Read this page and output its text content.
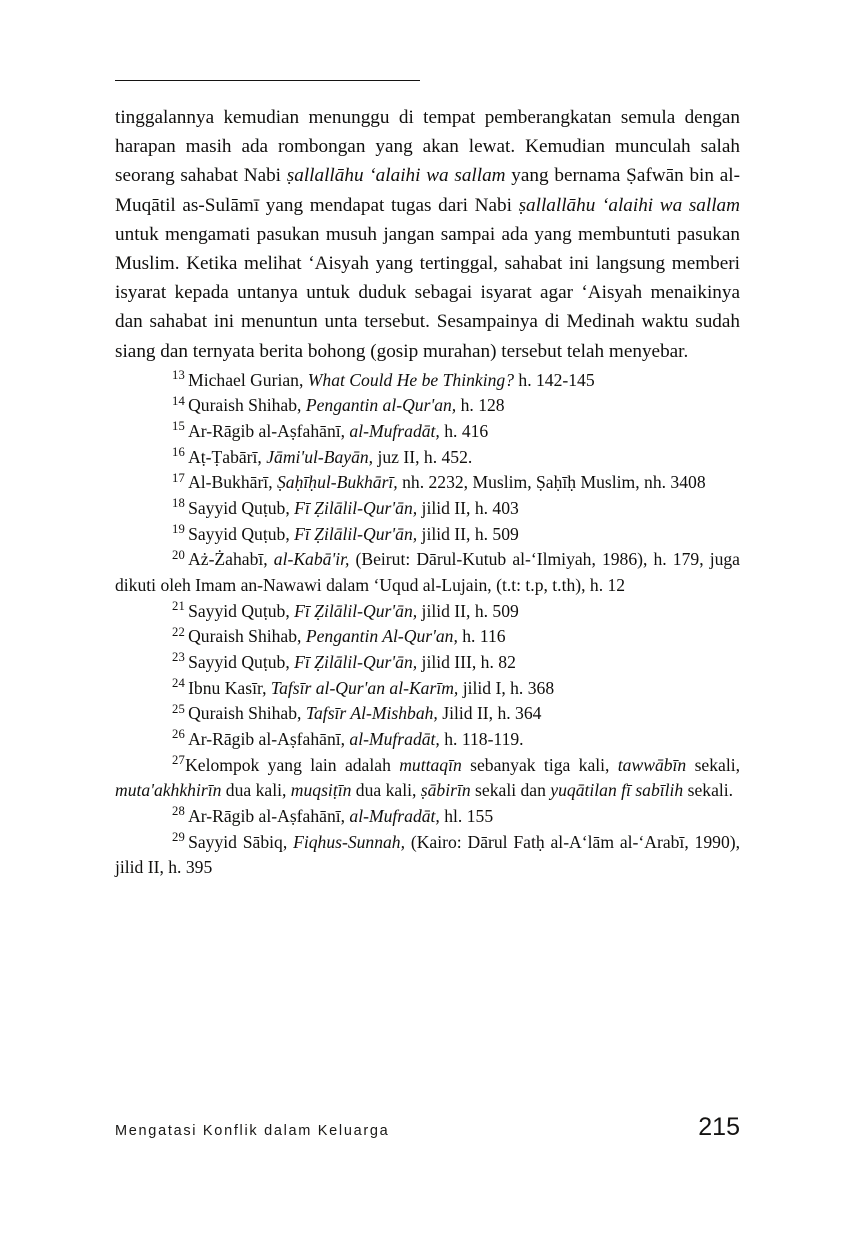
tinggalannya kemudian menunggu di tempat pemberangkatan semula dengan harapan masih ada rombongan yang akan lewat. Kemudian munculah salah seorang sahabat Nabi ṣallallāhu ‘alaihi wa sallam yang bernama Ṣafwān bin al-Muqātil as-Sulāmī yang mendapat tugas dari Nabi ṣallallāhu ‘alaihi wa sallam untuk mengamati pasukan musuh jangan sampai ada yang membuntuti pasukan Muslim. Ketika melihat ‘Aisyah yang tertinggal, sahabat ini langsung memberi isyarat kepada untanya untuk duduk sebagai isyarat agar ‘Aisyah menaikinya dan sahabat ini menuntun unta tersebut. Sesampainya di Medinah waktu sudah siang dan ternyata berita bohong (gosip murahan) tersebut telah menyebar.

$^{13}$ Michael Gurian, What Could He be Thinking? h. 142-145

$^{14}$ Quraish Shihab, Pengantin al-Qur'an, h. 128

$^{15}$ Ar-Rāgib al-Aṣfahānī, al-Mufradāt, h. 416

$^{16}$ Aṭ-Ṭabārī, Jāmi'ul-Bayān, juz II, h. 452.

$^{17}$ Al-Bukhārī, Ṣaḥīḥul-Bukhārī, nh. 2232, Muslim, Ṣaḥīḥ Muslim, nh. 3408

$^{18}$ Sayyid Quṭub, Fī Ẓilālil-Qur'ān, jilid II, h. 403

$^{19}$ Sayyid Quṭub, Fī Ẓilālil-Qur'ān, jilid II, h. 509

$^{20}$ Aż-Żahabī, al-Kabā'ir, (Beirut: Dārul-Kutub al-‘Ilmiyah, 1986), h. 179, juga dikuti oleh Imam an-Nawawi dalam ‘Uqud al-Lujain, (t.t: t.p, t.th), h. 12

$^{21}$ Sayyid Quṭub, Fī Ẓilālil-Qur'ān, jilid II, h. 509

$^{22}$ Quraish Shihab, Pengantin Al-Qur'an, h. 116

$^{23}$ Sayyid Quṭub, Fī Ẓilālil-Qur'ān, jilid III, h. 82

$^{24}$ Ibnu Kasīr, Tafsīr al-Qur'an al-Karīm, jilid I, h. 368

$^{25}$ Quraish Shihab, Tafsīr Al-Mishbah, Jilid II, h. 364

$^{26}$ Ar-Rāgib al-Aṣfahānī, al-Mufradāt, h. 118-119.

$^{27}$Kelompok yang lain adalah muttaqīn sebanyak tiga kali, tawwābīn sekali, muta'akhkhirīn dua kali, muqsiṭīn dua kali, ṣābirīn sekali dan yuqātilan fī sabīlih sekali.

$^{28}$ Ar-Rāgib al-Aṣfahānī, al-Mufradāt, hl. 155

$^{29}$ Sayyid Sābiq, Fiqhus-Sunnah, (Kairo: Dārul Fatḥ al-A‘lām al-‘Arabī, 1990), jilid II, h. 395

Mengatasi Konflik dalam Keluarga	215
